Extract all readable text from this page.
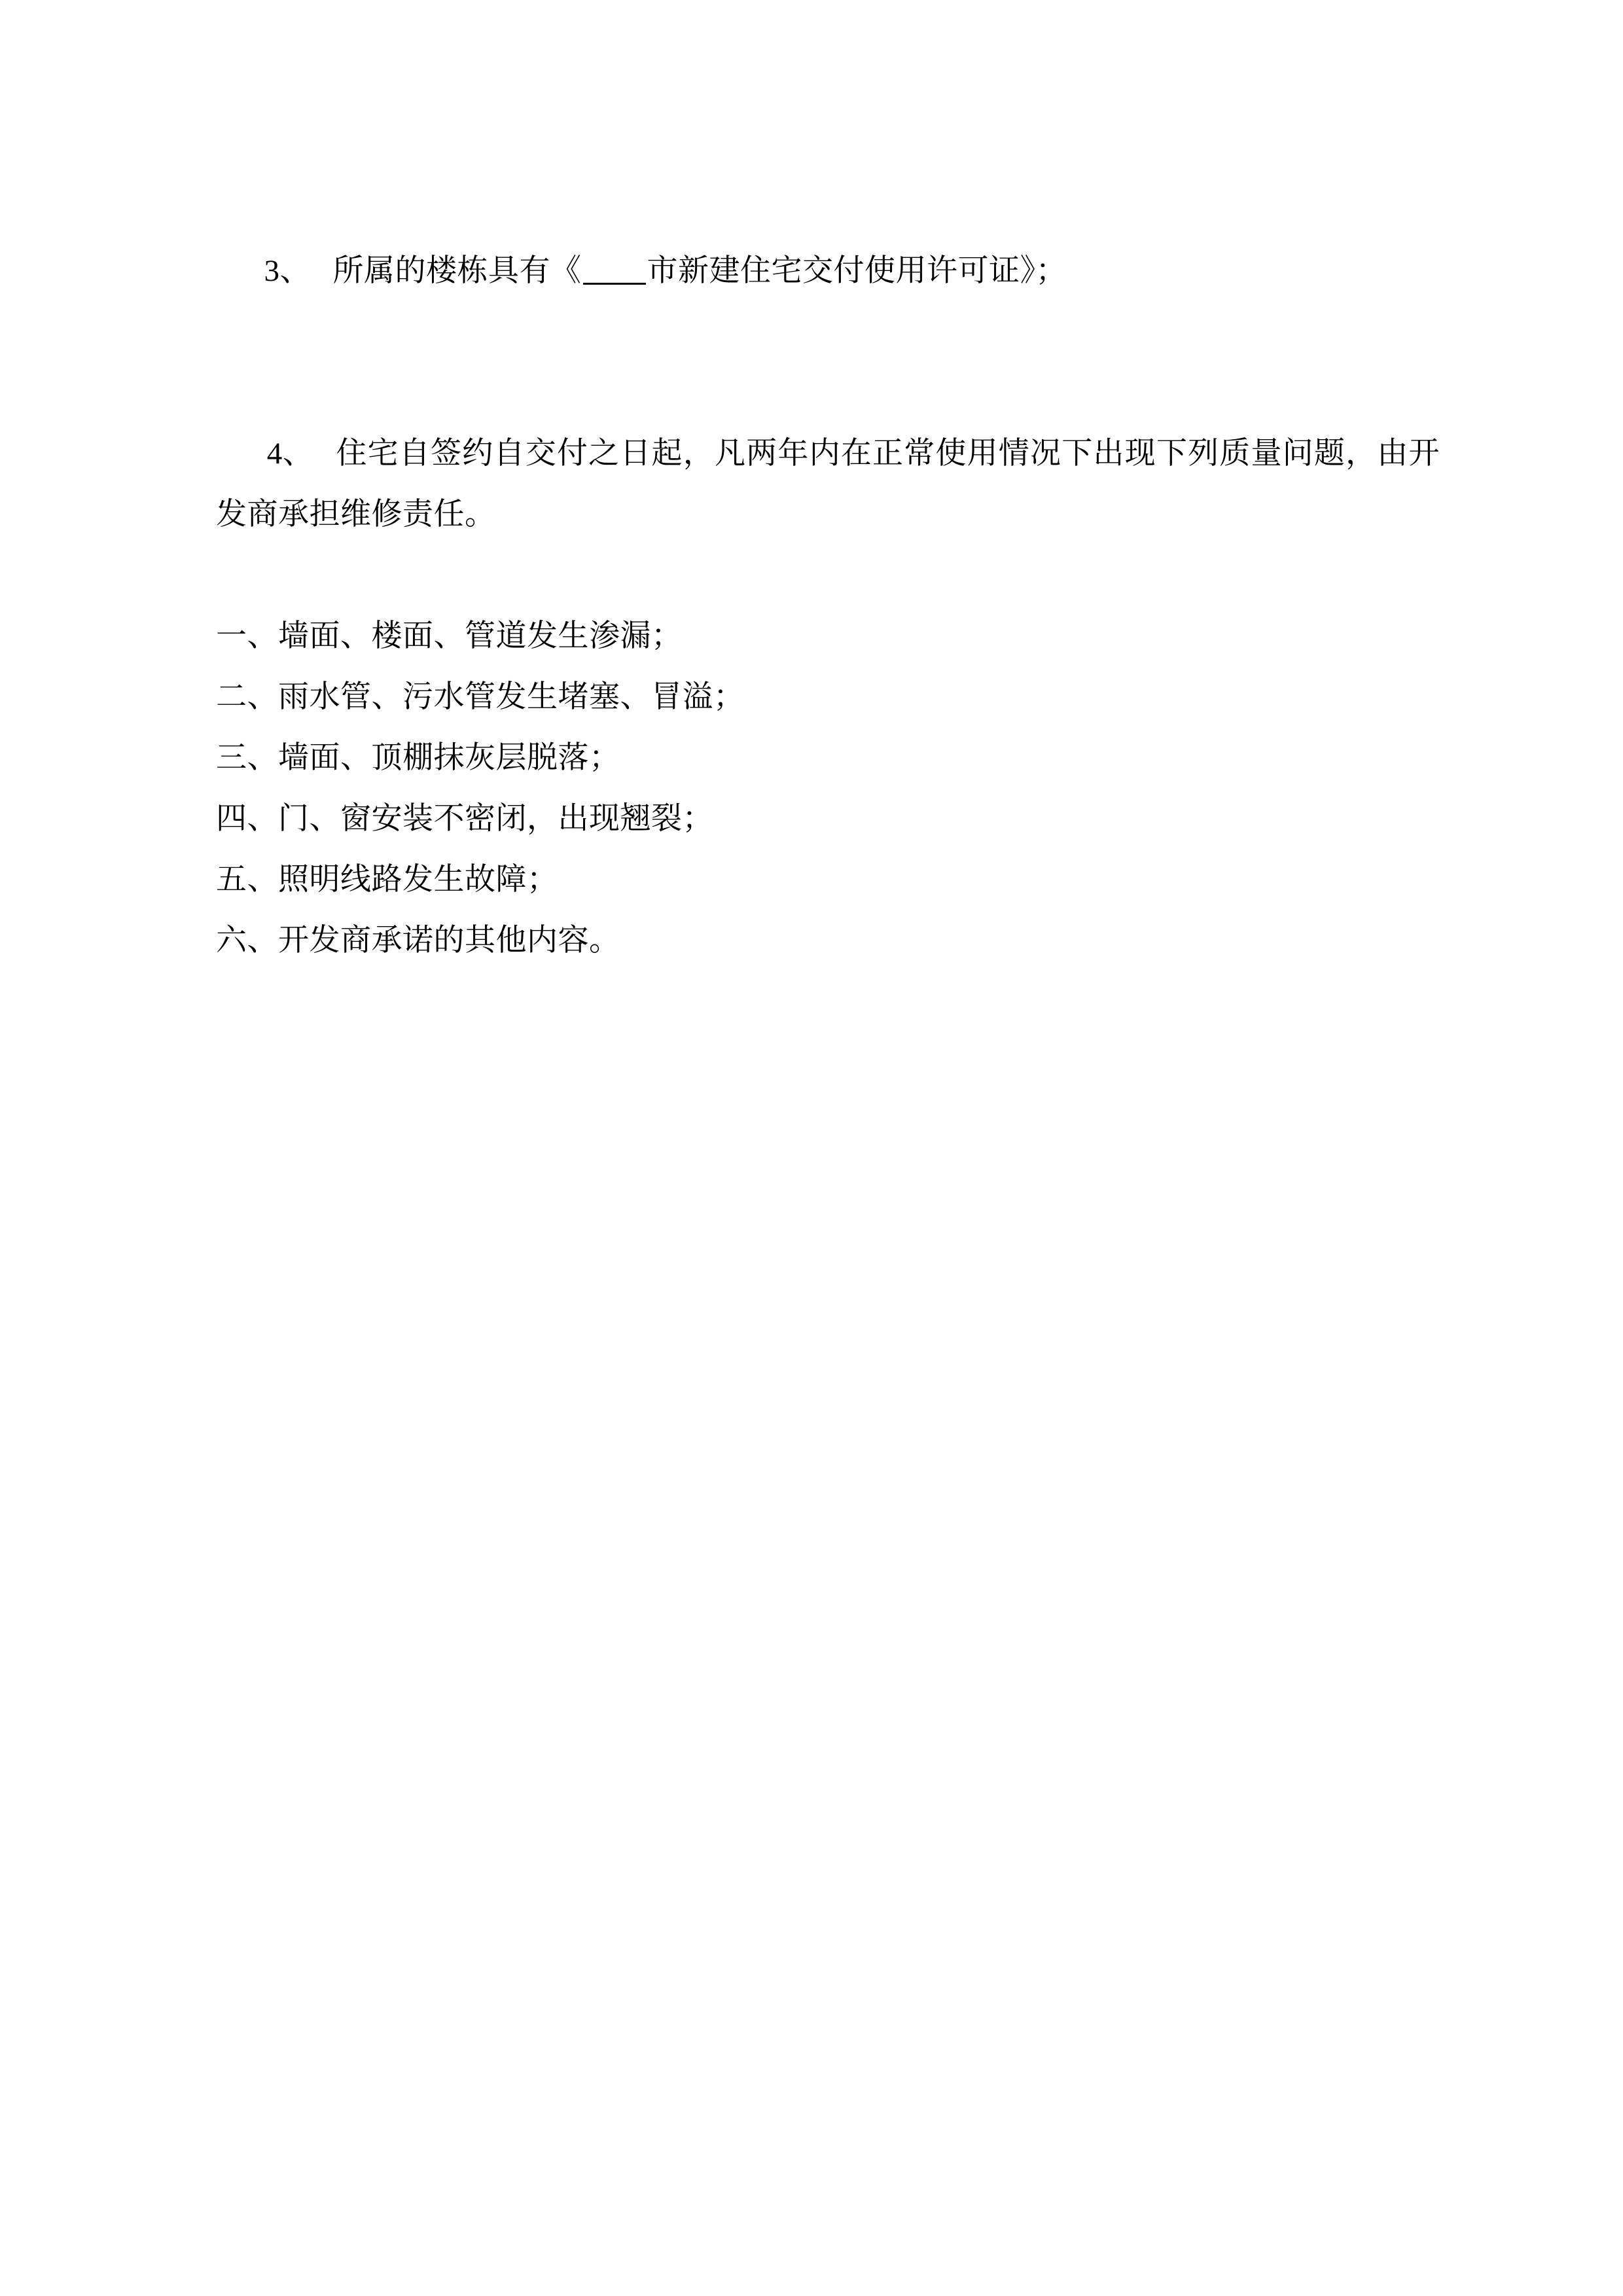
3、 所属的楼栋具有《 市新建住宅交付使用许可证》；

4、 住宅自签约自交付之日起，凡两年内在正常使用情况下出现下列质量问题，由开发商承担维修责任。

一、墙面、楼面、管道发生渗漏；

二、雨水管、污水管发生堵塞、冒溢；

三、墙面、顶棚抹灰层脱落；

四、门、窗安装不密闭，出现翘裂；

五、照明线路发生故障；

六、开发商承诺的其他内容。
